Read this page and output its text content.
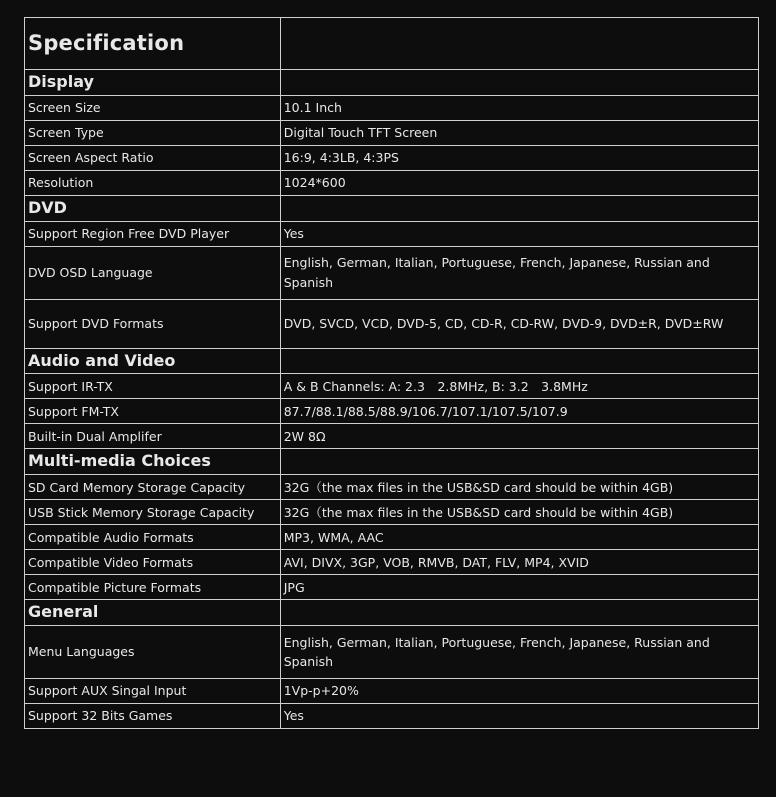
Specification	
Display	
Screen Size	10.1 Inch
Screen Type	Digital Touch TFT Screen
Screen Aspect Ratio	16:9, 4:3LB, 4:3PS
Resolution	1024*600
DVD	
Support Region Free DVD Player	Yes
DVD OSD Language	English, German, Italian, Portuguese, French, Japanese, Russian and Spanish
Support DVD Formats	DVD, SVCD, VCD, DVD-5, CD, CD-R, CD-RW, DVD-9, DVD±R, DVD±RW
Audio and Video	
Support IR-TX	A & B Channels: A: 2.3　2.8MHz, B: 3.2　3.8MHz
Support FM-TX	87.7/88.1/88.5/88.9/106.7/107.1/107.5/107.9
Built-in Dual Amplifer	2W 8Ω
Multi-media Choices	
SD Card Memory Storage Capacity	32G（the max files in the USB&SD card should be within 4GB)
USB Stick Memory Storage Capacity	32G（the max files in the USB&SD card should be within 4GB)
Compatible Audio Formats	MP3, WMA, AAC
Compatible Video Formats	AVI, DIVX, 3GP, VOB, RMVB, DAT, FLV, MP4, XVID
Compatible Picture Formats	JPG
General	
Menu Languages	English, German, Italian, Portuguese, French, Japanese, Russian and Spanish
Support AUX Singal Input	1Vp-p+20%
Support 32 Bits Games	Yes
